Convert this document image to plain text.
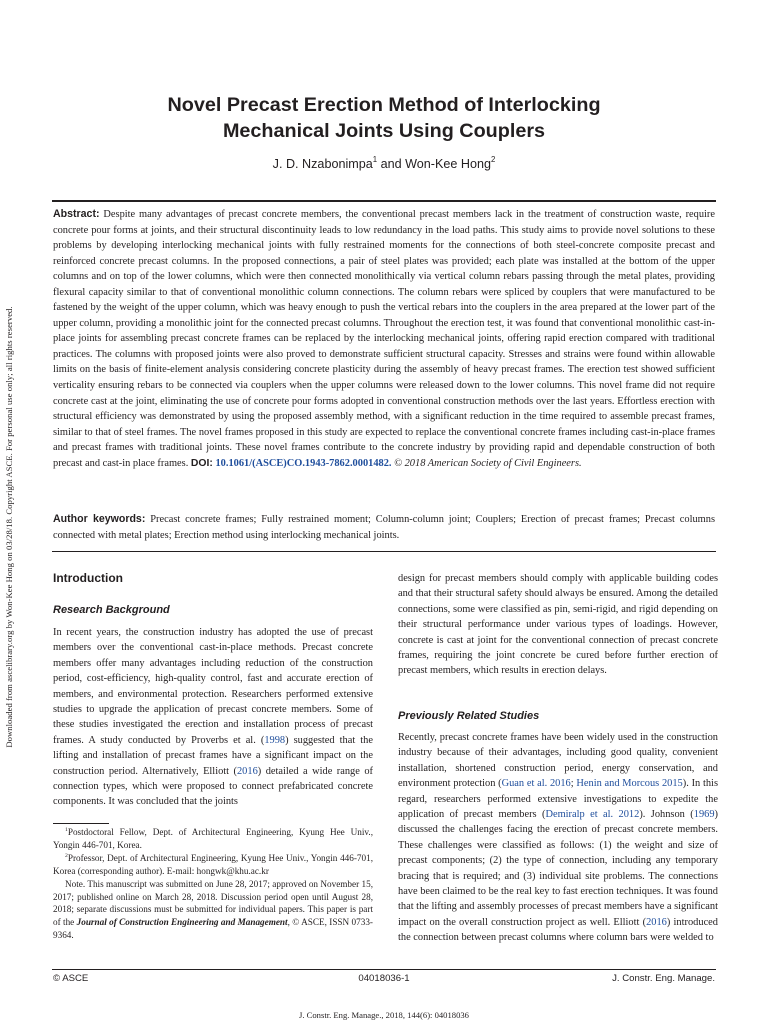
Downloaded from ascelibrary.org by Won-Kee Hong on 03/28/18. Copyright ASCE. For personal use only; all rights reserved.
Novel Precast Erection Method of Interlocking
Mechanical Joints Using Couplers
J. D. Nzabonimpa$^1$ and Won-Kee Hong$^2$

Abstract: Despite many advantages of precast concrete members, the conventional precast members lack in the treatment of construction waste, require concrete pour forms at joints, and their structural discontinuity leads to low redundancy in the load paths. This study aims to provide novel solutions to these problems by developing interlocking mechanical joints with fully restrained moments for the connections of both steel-concrete composite precast and reinforced concrete precast columns. In the proposed connections, a pair of steel plates was provided; each plate was installed at the bottom of the upper columns and on top of the lower columns, which were then connected monolithically via vertical column rebars passing through the metal plates, providing flexural capacity similar to that of conventional monolithic column connections. The column rebars were spliced by couplers that were manufactured to be fastened by the weight of the upper column, which was heavy enough to push the vertical rebars into the couplers in the area prepared at the lower part of the upper column, providing a monolithic joint for the connected precast columns. Throughout the erection test, it was found that conventional monolithic cast-in-place joints for assembling precast concrete frames can be replaced by the interlocking mechanical joints, offering rapid erection compared with traditional practices. The columns with proposed joints were also proved to demonstrate sufficient structural capacity. Stresses and strains were found within allowable limits on the basis of finite-element analysis considering concrete plasticity during the assembly of heavy precast frames. The erection test showed sufficient verticality ensuring rebars to be connected via couplers when the upper columns were released down to the lower columns. This novel frame did not require concrete cast at the joint, eliminating the use of concrete pour forms adopted in conventional construction methods over the last years. Effortless erection with structural efficiency was demonstrated by using the proposed assembly method, with a significant reduction in the time required to assemble precast frames, similar to that of steel frames. The novel frames proposed in this study are expected to replace the conventional concrete frames including cast-in-place frames and precast frames with traditional joints. These novel frames contribute to the concrete industry by providing rapid and dependable construction of both precast and cast-in place frames. DOI: 10.1061/(ASCE)CO.1943-7862.0001482. © 2018 American Society of Civil Engineers.

Author keywords: Precast concrete frames; Fully restrained moment; Column-column joint; Couplers; Erection of precast frames; Precast columns connected with metal plates; Erection method using interlocking mechanical joints.

Introduction
Research Background

In recent years, the construction industry has adopted the use of precast members over the conventional cast-in-place methods. Precast concrete members offer many advantages including reduction of the construction period, cost-efficiency, high-quality control, fast and accurate erection of members, and environmental protection. Researchers performed extensive studies to upgrade the application of precast concrete members. Some of these studies investigated the erection and installation process of precast frames. A study conducted by Proverbs et al. (1998) suggested that the lifting and installation of precast frames have a significant impact on the construction period. Alternatively, Elliott (2016) detailed a wide range of connection types, which were proposed to connect prefabricated concrete components. It was concluded that the joints

$^1$Postdoctoral Fellow, Dept. of Architectural Engineering, Kyung Hee Univ., Yongin 446-701, Korea.

$^2$Professor, Dept. of Architectural Engineering, Kyung Hee Univ., Yongin 446-701, Korea (corresponding author). E-mail: hongwk@khu.ac.kr

Note. This manuscript was submitted on June 28, 2017; approved on November 15, 2017; published online on March 28, 2018. Discussion period open until August 28, 2018; separate discussions must be submitted for individual papers. This paper is part of the Journal of Construction Engineering and Management, © ASCE, ISSN 0733-9364.

design for precast members should comply with applicable building codes and that their structural safety should always be ensured. Among the detailed connections, some were classified as pin, semi-rigid, and rigid depending on their structural performance under various types of loadings. However, concrete is cast at joint for the conventional connection of precast concrete frames, requiring the joint concrete be cured before further erection of precast members, which results in erection delays.

Previously Related Studies

Recently, precast concrete frames have been widely used in the construction industry because of their advantages, including good quality, convenient installation, shortened construction period, energy conservation, and environment protection (Guan et al. 2016; Henin and Morcous 2015). In this regard, researchers performed extensive investigations to expedite the application of precast members (Demiralp et al. 2012). Johnson (1969) discussed the challenges facing the erection of precast concrete members. These challenges were classified as follows: (1) the weight and size of precast components; (2) the type of connection, including any temporary bracing that is required; and (3) individual site problems. The connections have been claimed to be the real key to fast erection techniques. It was found that the lifting and assembly processes of precast members have a significant impact on the overall construction project as well. Elliott (2016) introduced the connection between precast columns where column bars were welded to

© ASCE	04018036-1	J. Constr. Eng. Manage.
J. Constr. Eng. Manage., 2018, 144(6): 04018036
